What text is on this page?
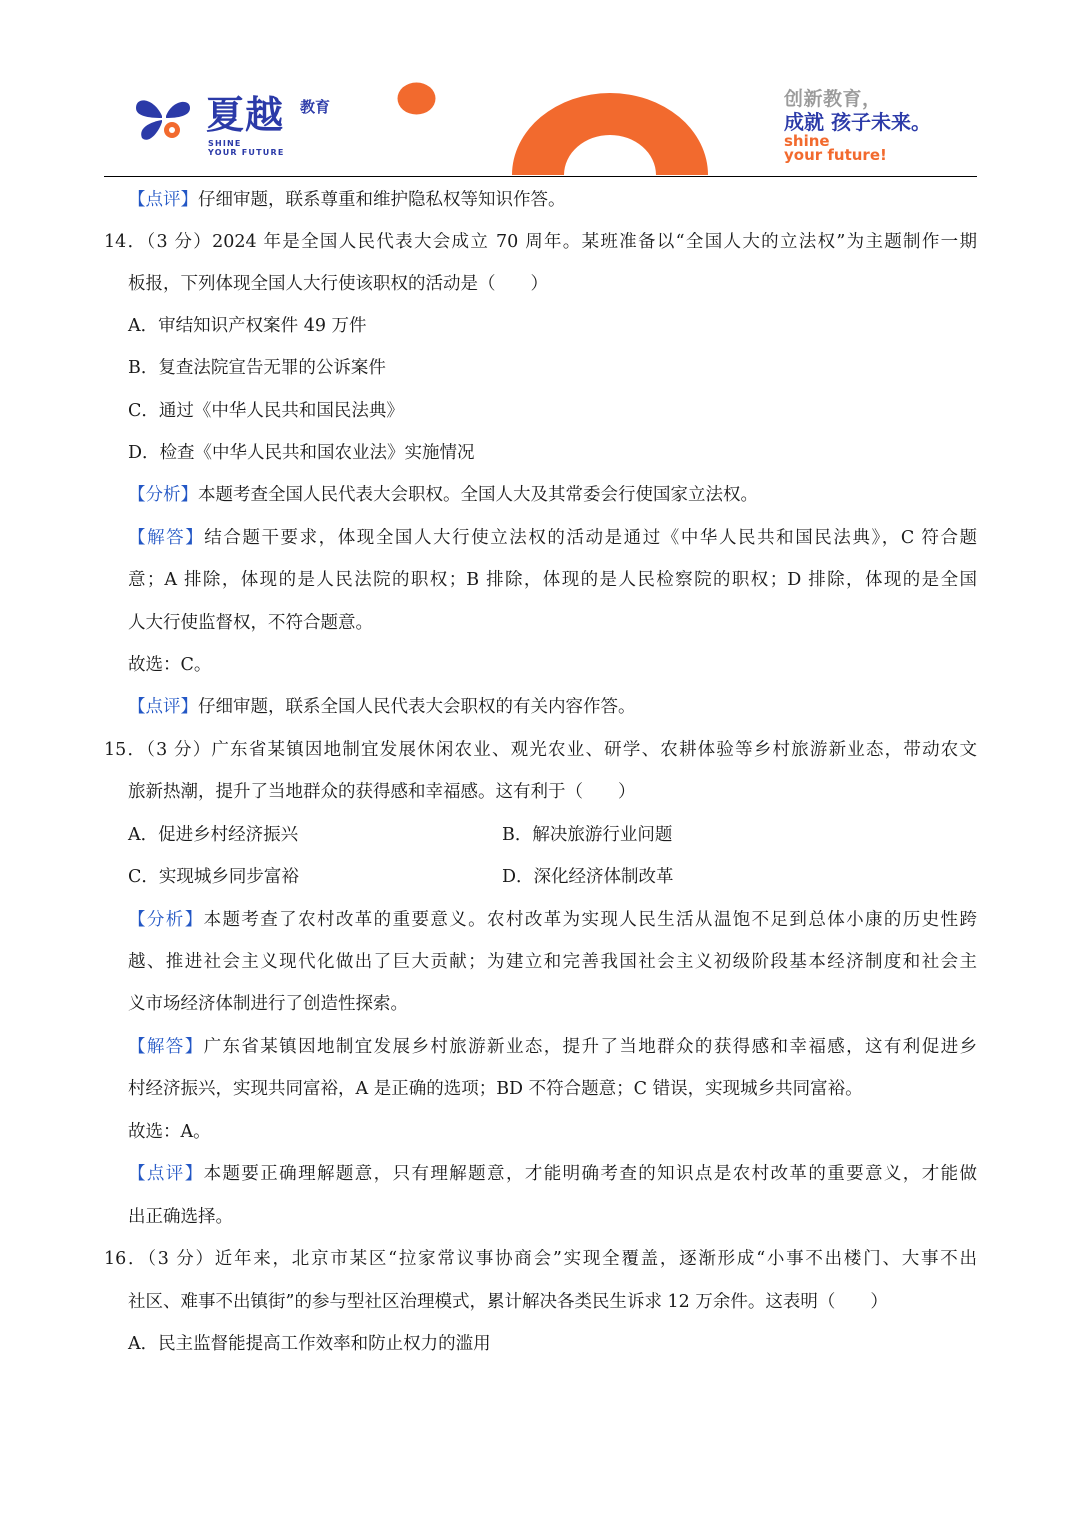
夏越 教育
SHINE
YOUR FUTURE
创新教育，
成就 孩子未来。
shine
your future!
【点评】仔细审题，联系尊重和维护隐私权等知识作答。
14．（3 分）2024 年是全国人民代表大会成立 70 周年。某班准备以“全国人大的立法权”为主题制作一期
板报，下列体现全国人大行使该职权的活动是（　　）
A．审结知识产权案件 49 万件
B．复查法院宣告无罪的公诉案件
C．通过《中华人民共和国民法典》
D．检查《中华人民共和国农业法》实施情况
【分析】本题考查全国人民代表大会职权。全国人大及其常委会行使国家立法权。
【解答】结合题干要求，体现全国人大行使立法权的活动是通过《中华人民共和国民法典》，C 符合题
意；A 排除，体现的是人民法院的职权；B 排除，体现的是人民检察院的职权；D 排除，体现的是全国
人大行使监督权，不符合题意。
故选：C。
【点评】仔细审题，联系全国人民代表大会职权的有关内容作答。
15．（3 分）广东省某镇因地制宜发展休闲农业、观光农业、研学、农耕体验等乡村旅游新业态，带动农文
旅新热潮，提升了当地群众的获得感和幸福感。这有利于（　　）
A．促进乡村经济振兴	B．解决旅游行业问题
C．实现城乡同步富裕	D．深化经济体制改革
【分析】本题考查了农村改革的重要意义。农村改革为实现人民生活从温饱不足到总体小康的历史性跨
越、推进社会主义现代化做出了巨大贡献；为建立和完善我国社会主义初级阶段基本经济制度和社会主
义市场经济体制进行了创造性探索。
【解答】广东省某镇因地制宜发展乡村旅游新业态，提升了当地群众的获得感和幸福感，这有利促进乡
村经济振兴，实现共同富裕，A 是正确的选项；BD 不符合题意；C 错误，实现城乡共同富裕。
故选：A。
【点评】本题要正确理解题意，只有理解题意，才能明确考查的知识点是农村改革的重要意义，才能做
出正确选择。
16．（3 分）近年来，北京市某区“拉家常议事协商会”实现全覆盖，逐渐形成“小事不出楼门、大事不出
社区、难事不出镇街”的参与型社区治理模式，累计解决各类民生诉求 12 万余件。这表明（　　）
A．民主监督能提高工作效率和防止权力的滥用
